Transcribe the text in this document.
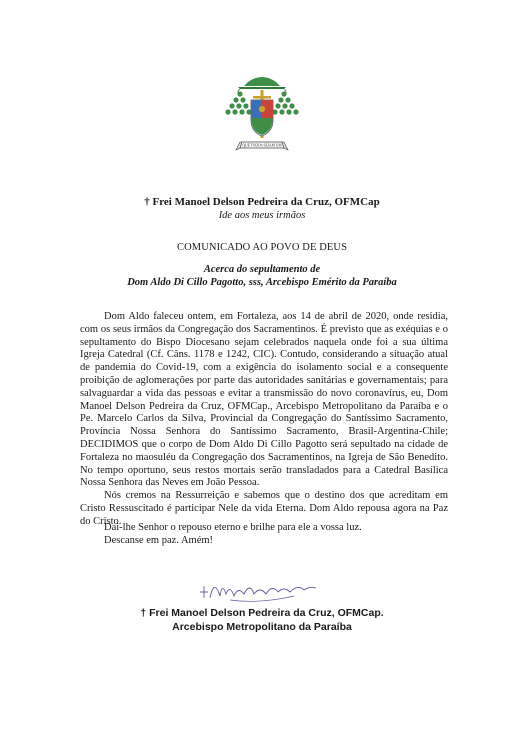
QUE TODOS SEJAM UM
† Frei Manoel Delson Pedreira da Cruz, OFMCap
Ide aos meus irmãos
COMUNICADO AO POVO DE DEUS
Acerca do sepultamento de
Dom Aldo Di Cillo Pagotto, sss, Arcebispo Emérito da Paraíba
Dom Aldo faleceu ontem, em Fortaleza, aos 14 de abril de 2020, onde residia, com os seus irmãos da Congregação dos Sacramentinos. É previsto que as exéquias e o sepultamento do Bispo Diocesano sejam celebrados naquela onde foi a sua última Igreja Catedral (Cf. Câns. 1178 e 1242, CIC). Contudo, considerando a situação atual de pandemia do Covid-19, com a exigência do isolamento social e a consequente proibição de aglomerações por parte das autoridades sanitárias e governamentais; para salvaguardar a vida das pessoas e evitar a transmissão do novo coronavírus, eu, Dom Manoel Delson Pedreira da Cruz, OFMCap., Arcebispo Metropolitano da Paraíba e o Pe. Marcelo Carlos da Silva, Provincial da Congregação do Santíssimo Sacramento, Província Nossa Senhora do Santíssimo Sacramento, Brasil-Argentina-Chile; DECIDIMOS que o corpo de Dom Aldo Di Cillo Pagotto será sepultado na cidade de Fortaleza no maosuléu da Congregação dos Sacramentinos, na Igreja de São Benedito. No tempo oportuno, seus restos mortais serão transladados para a Catedral Basílica Nossa Senhora das Neves em João Pessoa.
Nós cremos na Ressurreição e sabemos que o destino dos que acreditam em Cristo Ressuscitado é participar Nele da vida Eterna. Dom Aldo repousa agora na Paz do Cristo.
Dai-lhe Senhor o repouso eterno e brilhe para ele a vossa luz.
Descanse em paz. Amém!
† Frei Manoel Delson Pedreira da Cruz, OFMCap.
Arcebispo Metropolitano da Paraíba
